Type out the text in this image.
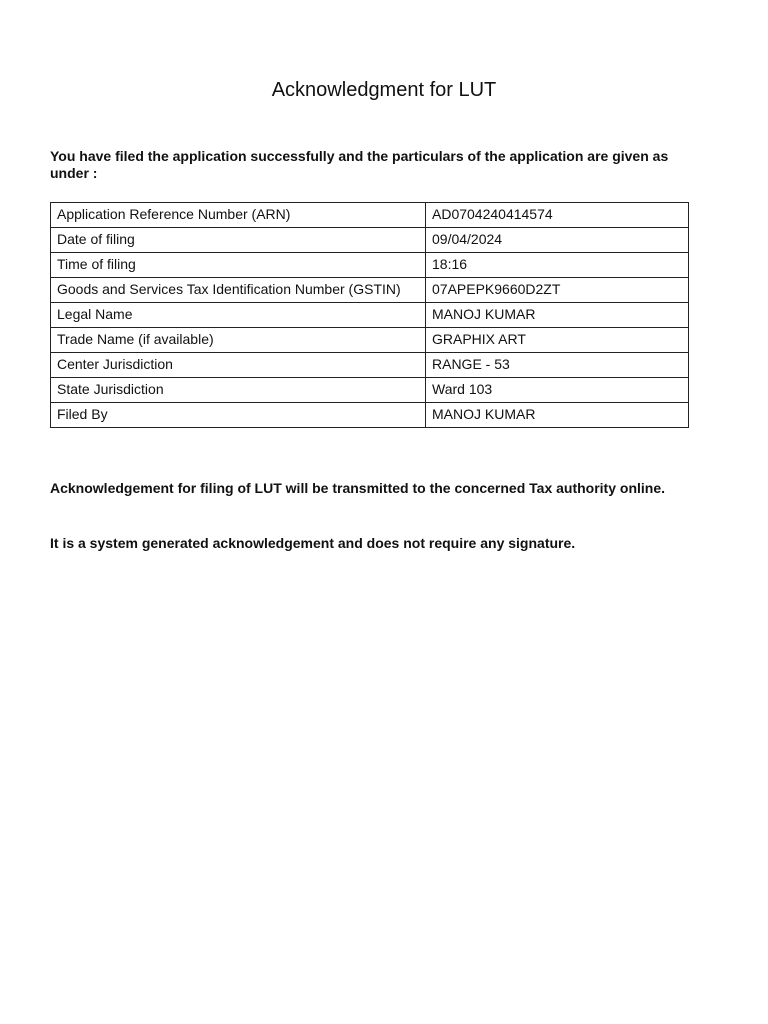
Acknowledgment for LUT

You have filed the application successfully and the particulars of the application are given as under :

Application Reference Number (ARN)	AD0704240414574
Date of filing	09/04/2024
Time of filing	18:16
Goods and Services Tax Identification Number (GSTIN)	07APEPK9660D2ZT
Legal Name	MANOJ KUMAR
Trade Name (if available)	GRAPHIX ART
Center Jurisdiction	RANGE - 53
State Jurisdiction	Ward 103
Filed By	MANOJ KUMAR

Acknowledgement for filing of LUT will be transmitted to the concerned Tax authority online.

It is a system generated acknowledgement and does not require any signature.
